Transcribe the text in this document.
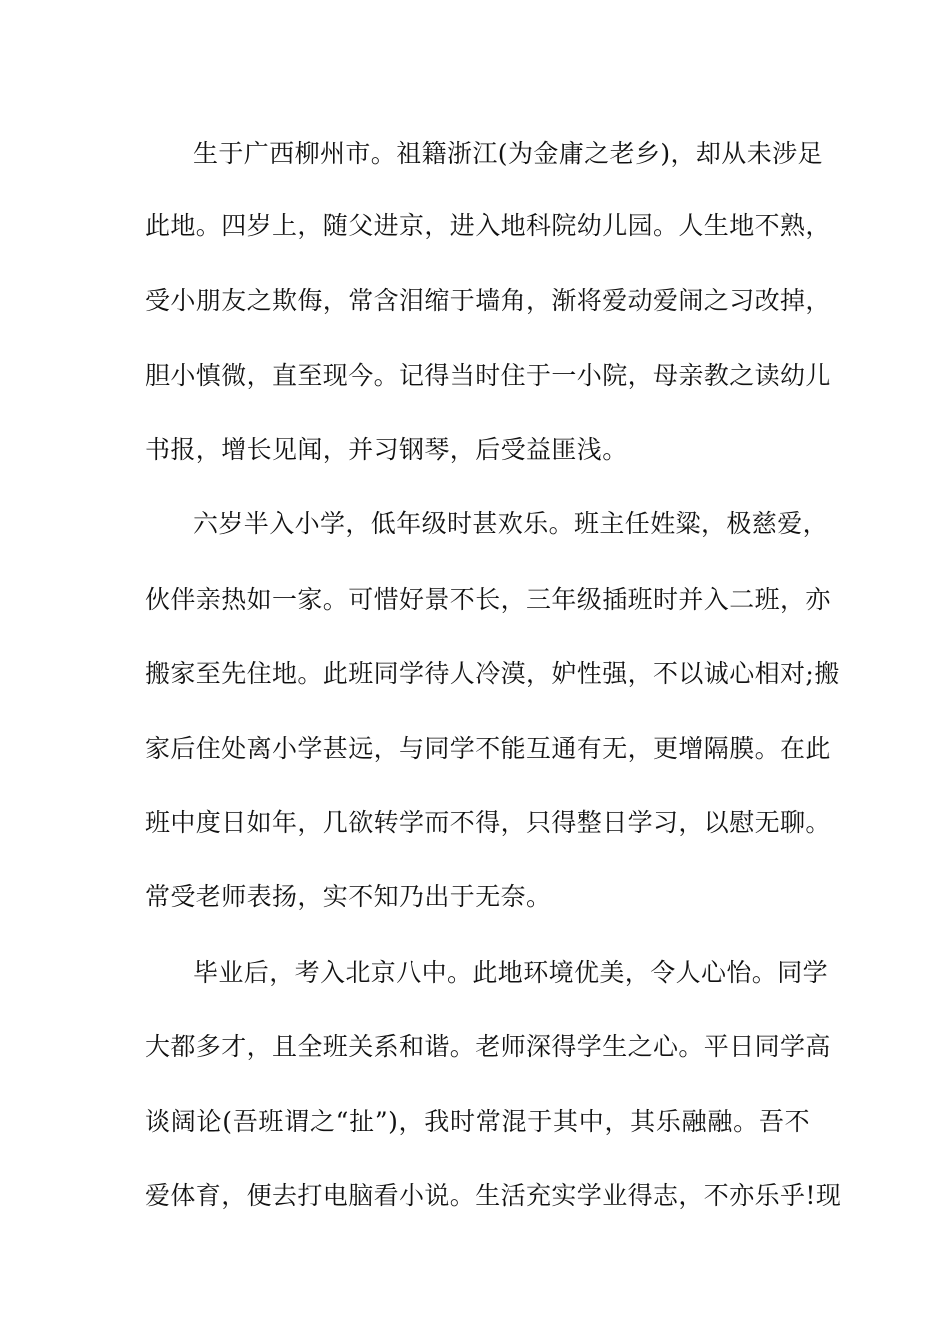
生于广西柳州市。祖籍浙江(为金庸之老乡)，却从未涉足
此地。四岁上，随父进京，进入地科院幼儿园。人生地不熟，
受小朋友之欺侮，常含泪缩于墙角，渐将爱动爱闹之习改掉，
胆小慎微，直至现今。记得当时住于一小院，母亲教之读幼儿
书报，增长见闻，并习钢琴，后受益匪浅。
六岁半入小学，低年级时甚欢乐。班主任姓粱，极慈爱，
伙伴亲热如一家。可惜好景不长，三年级插班时并入二班，亦
搬家至先住地。此班同学待人冷漠，妒性强，不以诚心相对;搬
家后住处离小学甚远，与同学不能互通有无，更增隔膜。在此
班中度日如年，几欲转学而不得，只得整日学习，以慰无聊。
常受老师表扬，实不知乃出于无奈。
毕业后，考入北京八中。此地环境优美，令人心怡。同学
大都多才，且全班关系和谐。老师深得学生之心。平日同学高
谈阔论(吾班谓之“扯”)，我时常混于其中，其乐融融。吾不
爱体育，便去打电脑看小说。生活充实学业得志，不亦乐乎!现
